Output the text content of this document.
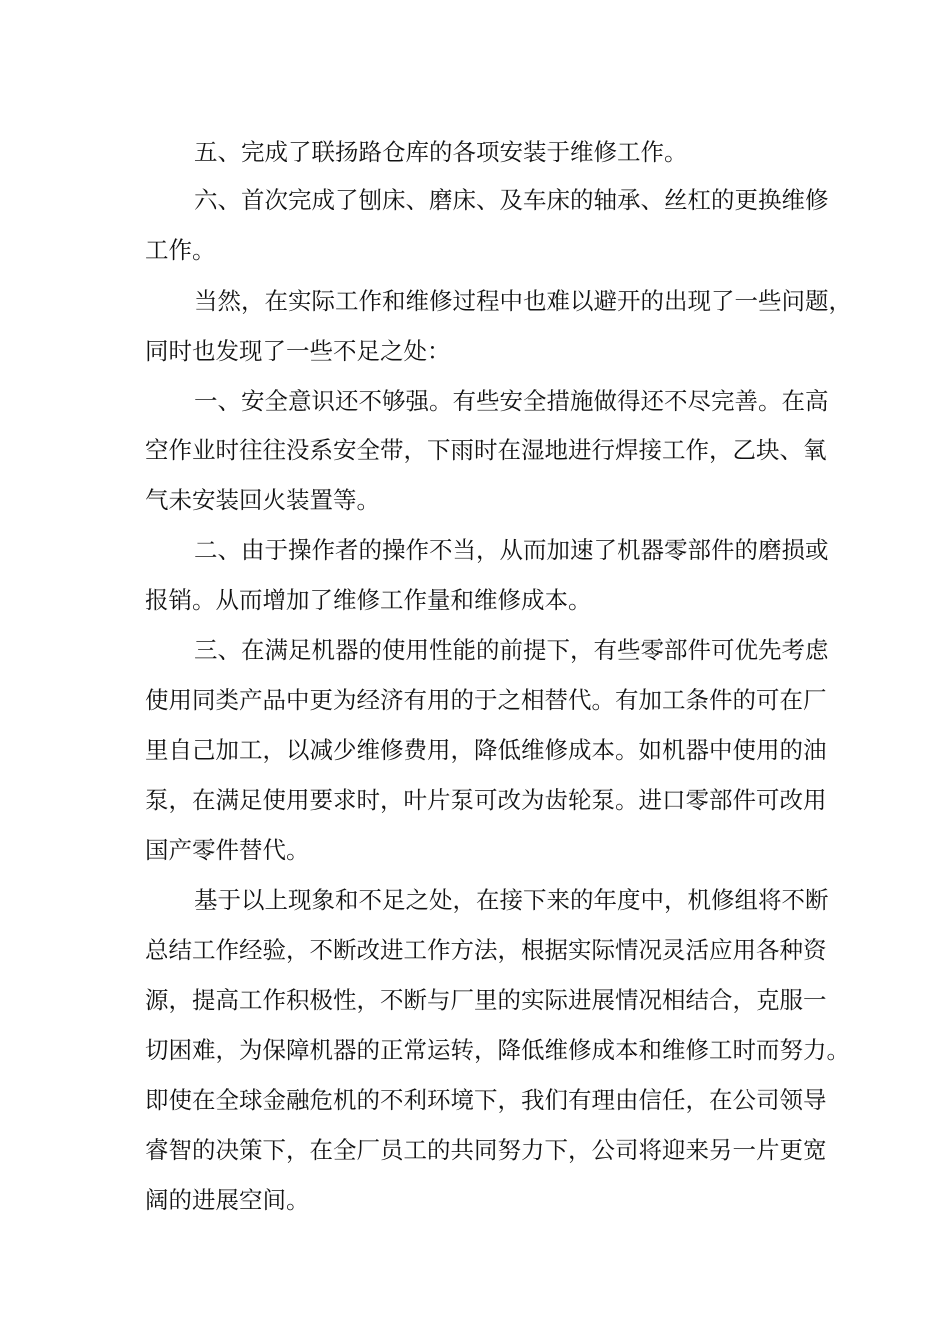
五、完成了联扬路仓库的各项安装于维修工作。
六、首次完成了刨床、磨床、及车床的轴承、丝杠的更换维修
工作。
当然，在实际工作和维修过程中也难以避开的出现了一些问题，
同时也发现了一些不足之处：
一、安全意识还不够强。有些安全措施做得还不尽完善。在高
空作业时往往没系安全带，下雨时在湿地进行焊接工作，乙块、氧
气未安装回火装置等。
二、由于操作者的操作不当，从而加速了机器零部件的磨损或
报销。从而增加了维修工作量和维修成本。
三、在满足机器的使用性能的前提下，有些零部件可优先考虑
使用同类产品中更为经济有用的于之相替代。有加工条件的可在厂
里自己加工，以减少维修费用，降低维修成本。如机器中使用的油
泵，在满足使用要求时，叶片泵可改为齿轮泵。进口零部件可改用
国产零件替代。
基于以上现象和不足之处，在接下来的年度中，机修组将不断
总结工作经验，不断改进工作方法，根据实际情况灵活应用各种资
源，提高工作积极性，不断与厂里的实际进展情况相结合，克服一
切困难，为保障机器的正常运转，降低维修成本和维修工时而努力。
即使在全球金融危机的不利环境下，我们有理由信任，在公司领导
睿智的决策下，在全厂员工的共同努力下，公司将迎来另一片更宽
阔的进展空间。
